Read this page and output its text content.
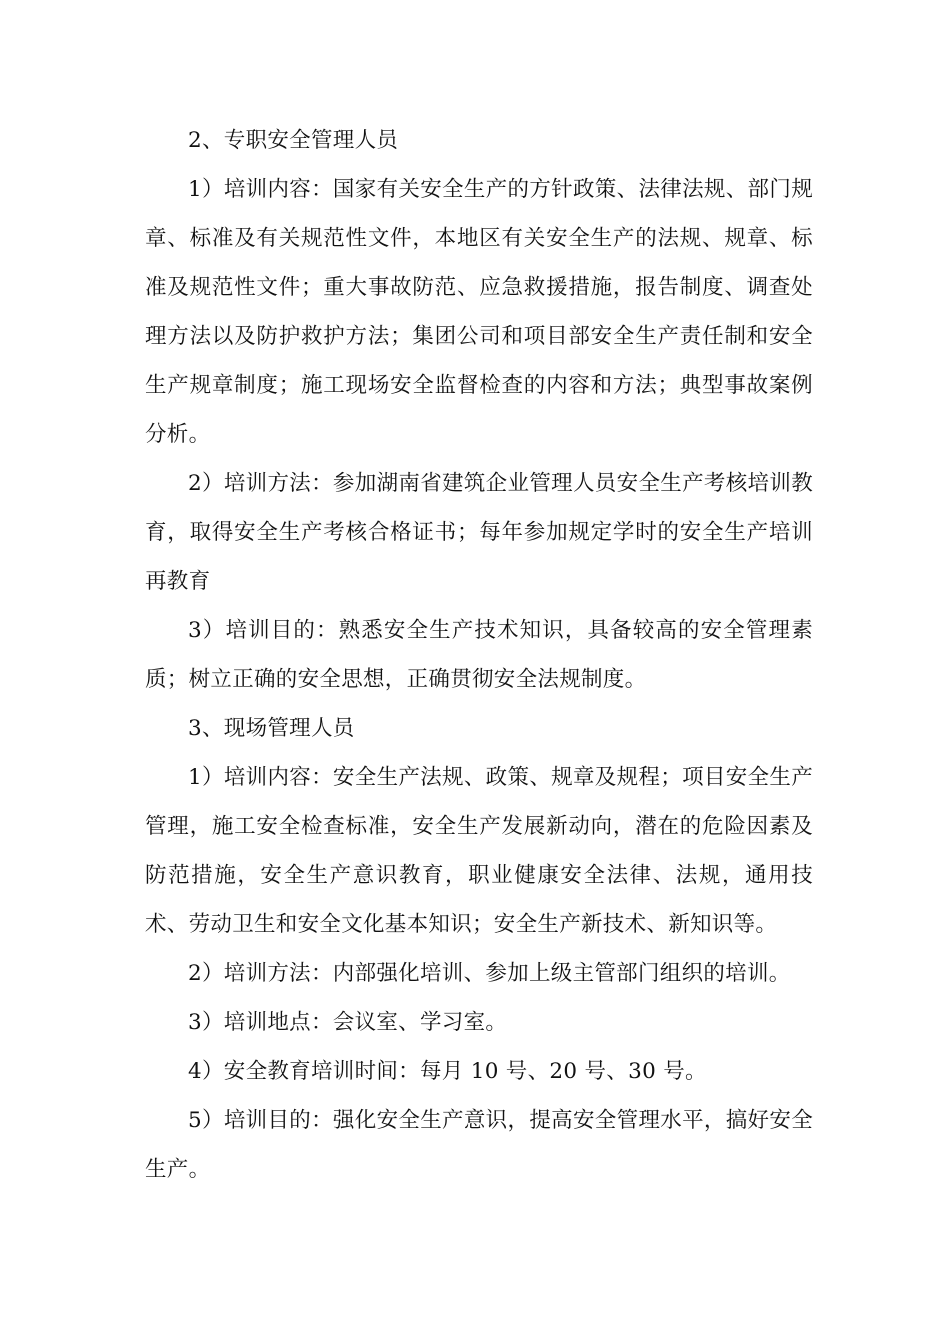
2、专职安全管理人员

1）培训内容：国家有关安全生产的方针政策、法律法规、部门规章、标准及有关规范性文件，本地区有关安全生产的法规、规章、标准及规范性文件；重大事故防范、应急救援措施，报告制度、调查处理方法以及防护救护方法；集团公司和项目部安全生产责任制和安全生产规章制度；施工现场安全监督检查的内容和方法；典型事故案例分析。

2）培训方法：参加湖南省建筑企业管理人员安全生产考核培训教育，取得安全生产考核合格证书；每年参加规定学时的安全生产培训再教育

3）培训目的：熟悉安全生产技术知识，具备较高的安全管理素质；树立正确的安全思想，正确贯彻安全法规制度。

3、现场管理人员

1）培训内容：安全生产法规、政策、规章及规程；项目安全生产管理，施工安全检查标准，安全生产发展新动向，潜在的危险因素及防范措施，安全生产意识教育，职业健康安全法律、法规，通用技术、劳动卫生和安全文化基本知识；安全生产新技术、新知识等。

2）培训方法：内部强化培训、参加上级主管部门组织的培训。

3）培训地点：会议室、学习室。

4）安全教育培训时间：每月 10 号、20 号、30 号。

5）培训目的：强化安全生产意识，提高安全管理水平，搞好安全生产。
